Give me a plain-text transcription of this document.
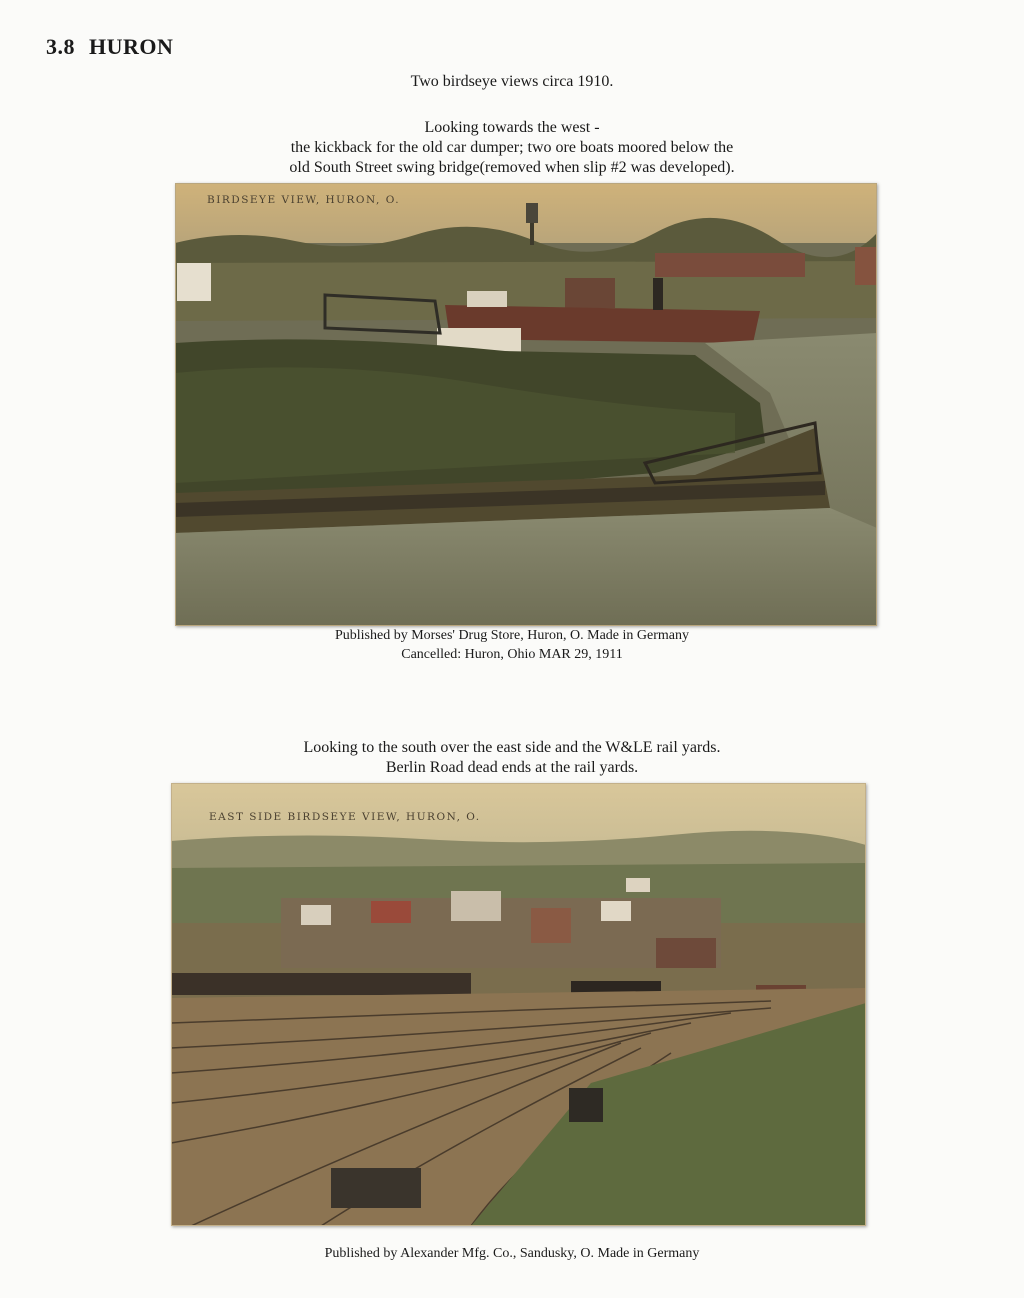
3.8 HURON
Two birdseye views circa 1910.
Looking towards the west -
the kickback for the old car dumper; two ore boats moored below the
old South Street swing bridge(removed when slip #2 was developed).
BIRDSEYE VIEW, HURON, O.
Published by Morses' Drug Store, Huron, O. Made in Germany
Cancelled: Huron, Ohio MAR 29, 1911
Looking to the south over the east side and the W&LE rail yards.
Berlin Road dead ends at the rail yards.
EAST SIDE BIRDSEYE VIEW, HURON, O.
Published by Alexander Mfg. Co., Sandusky, O. Made in Germany
